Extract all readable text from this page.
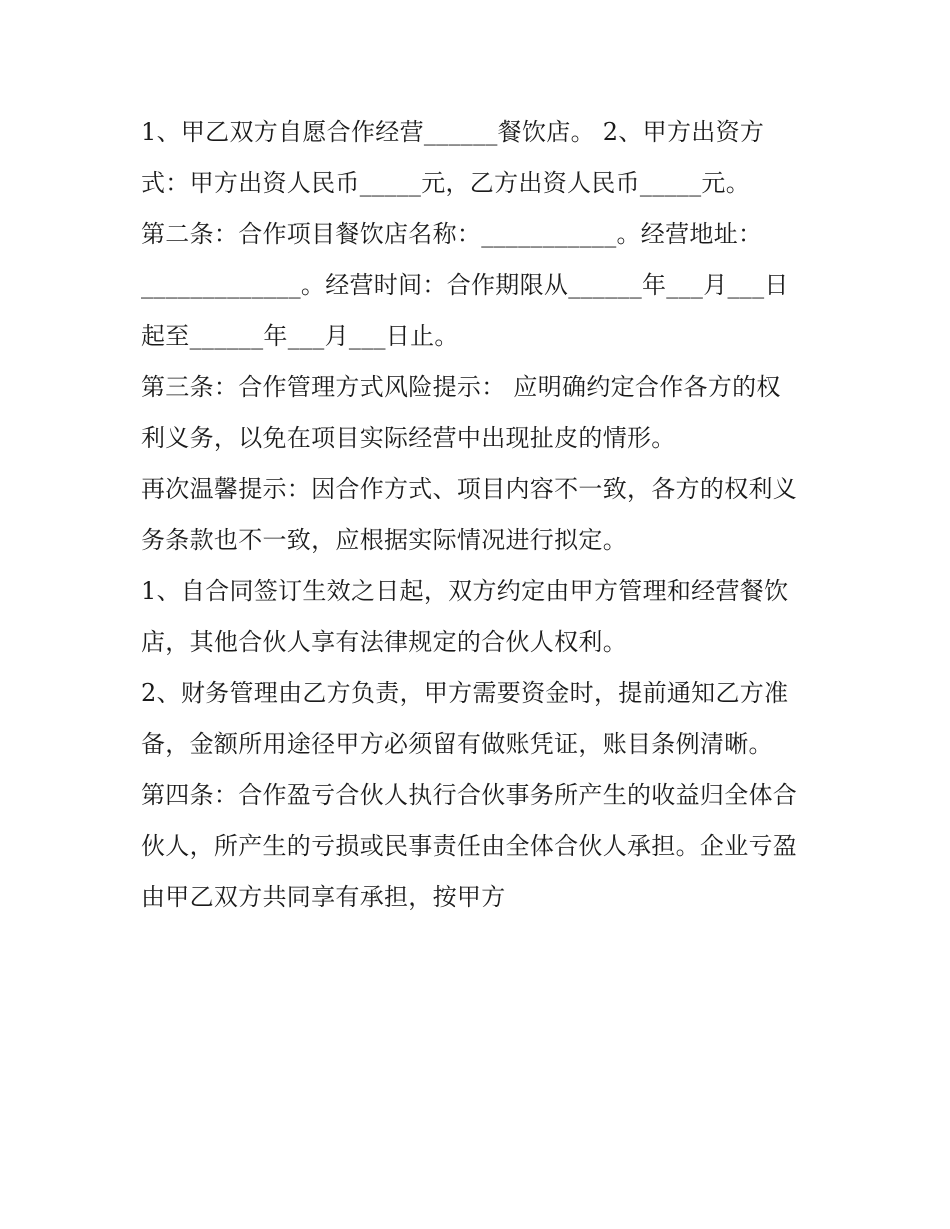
1、甲乙双方自愿合作经营______餐饮店。 2、甲方出资方
式：甲方出资人民币_____元，乙方出资人民币_____元。
第二条：合作项目餐饮店名称：___________。经营地址：
_____________。经营时间：合作期限从______年___月___日
起至______年___月___日止。
第三条：合作管理方式风险提示： 应明确约定合作各方的权
利义务，以免在项目实际经营中出现扯皮的情形。
再次温馨提示：因合作方式、项目内容不一致，各方的权利义
务条款也不一致，应根据实际情况进行拟定。
1、自合同签订生效之日起，双方约定由甲方管理和经营餐饮
店，其他合伙人享有法律规定的合伙人权利。
2、财务管理由乙方负责，甲方需要资金时，提前通知乙方准
备，金额所用途径甲方必须留有做账凭证，账目条例清晰。
第四条：合作盈亏合伙人执行合伙事务所产生的收益归全体合
伙人，所产生的亏损或民事责任由全体合伙人承担。企业亏盈
由甲乙双方共同享有承担，按甲方
